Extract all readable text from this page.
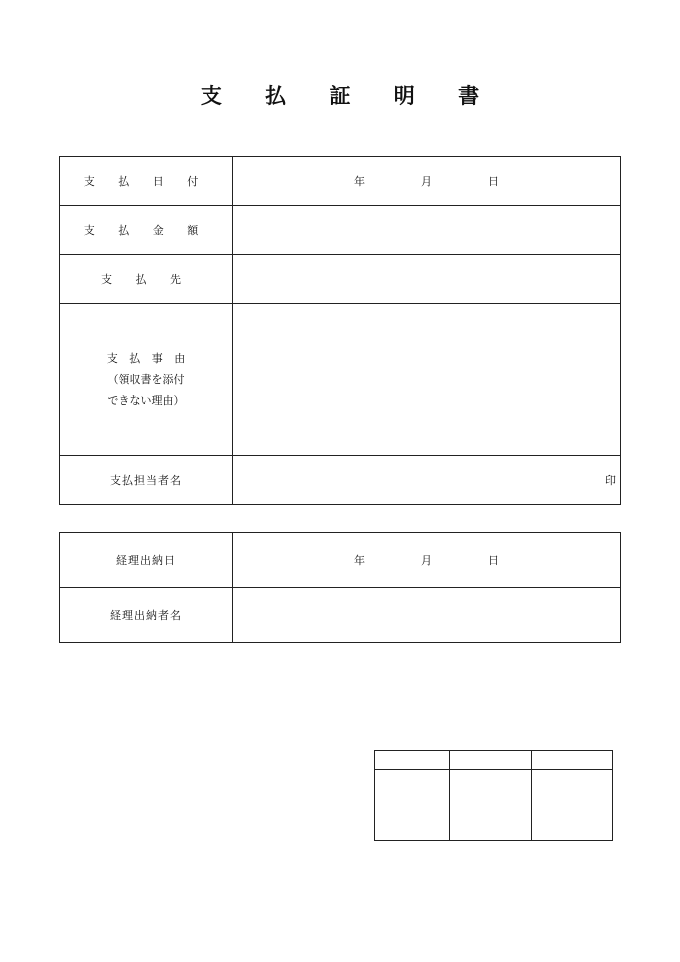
支 払 証 明 書
支 払 日 付	年 月 日
支 払 金 額	
支 払 先	

支 払 事 由
（領収書を添付
できない理由）	

支払担当者名	印
経理出納日	年 月 日
経理出納者名	
